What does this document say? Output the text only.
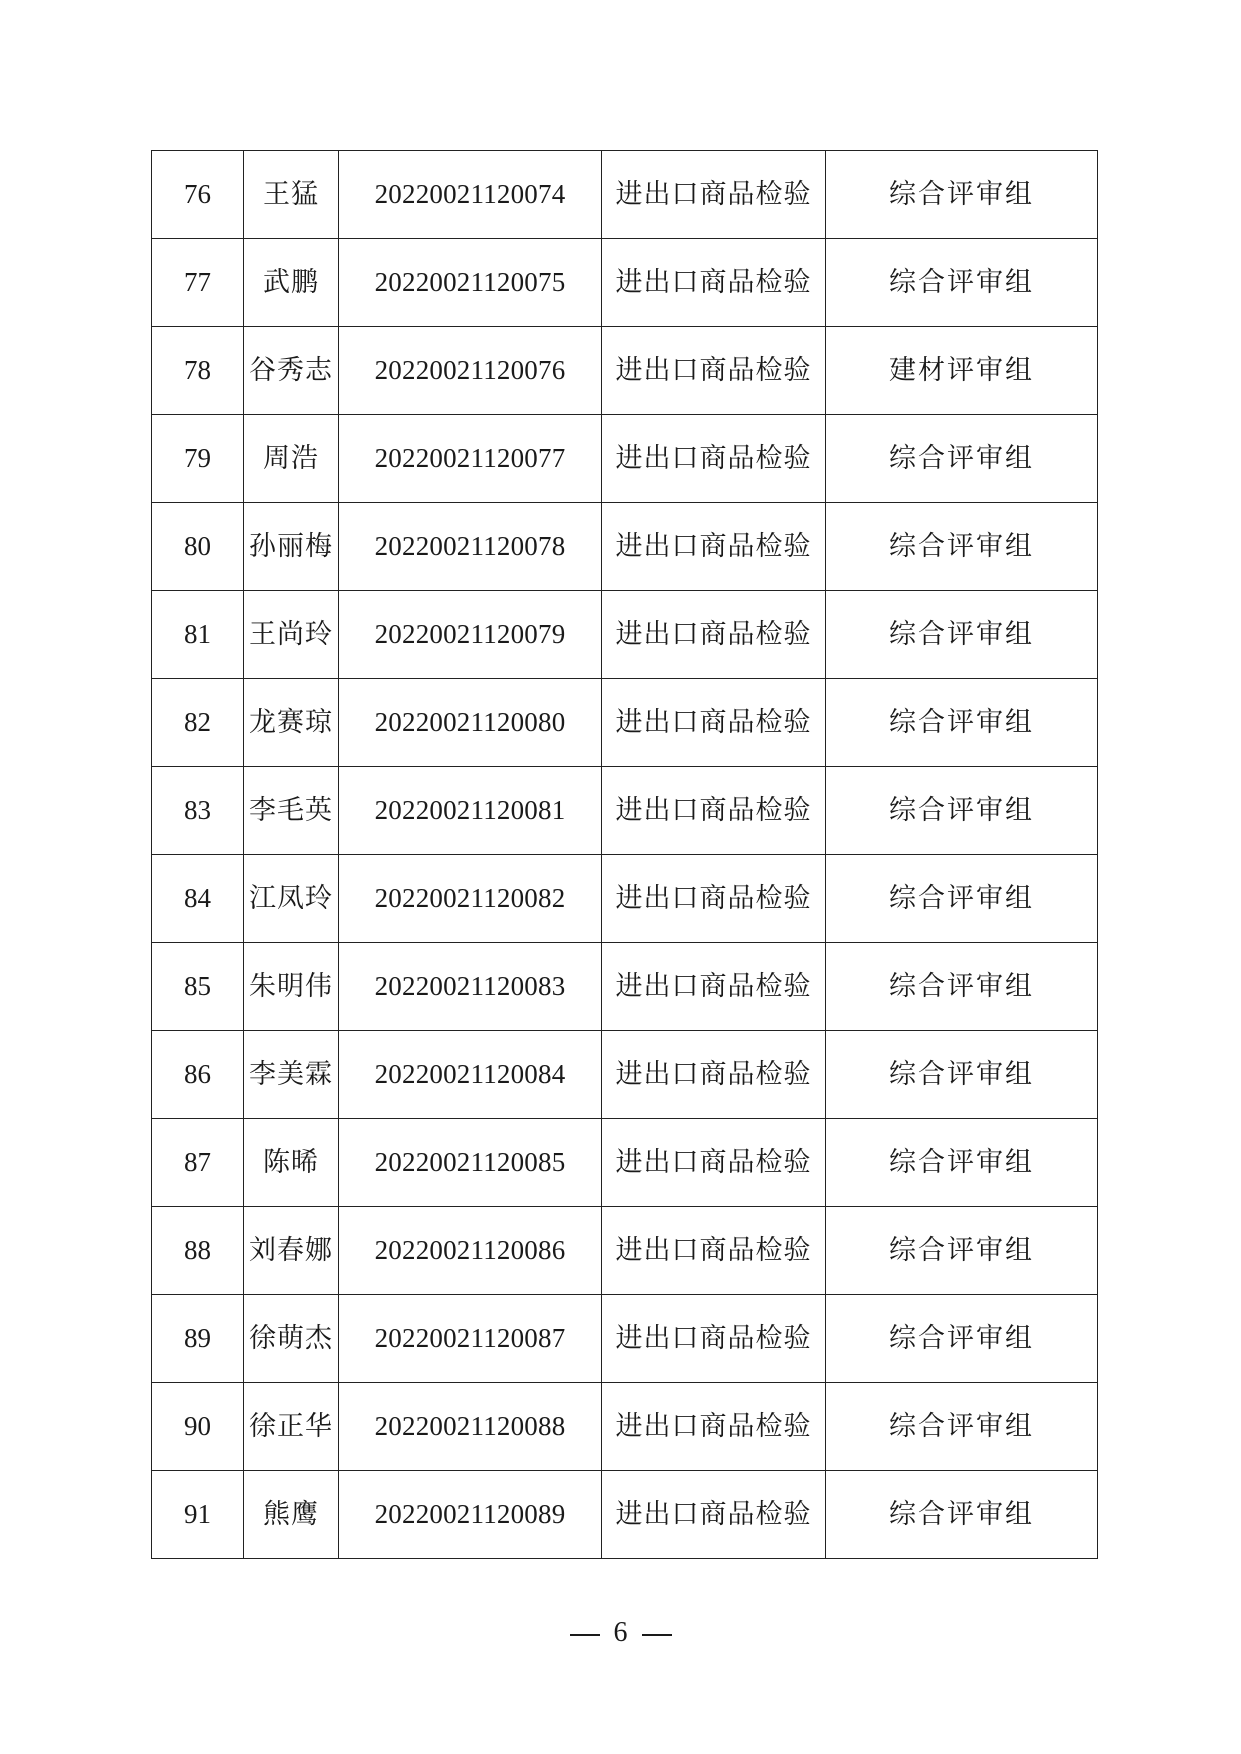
76	王猛	20220021120074	进出口商品检验	综合评审组
77	武鹏	20220021120075	进出口商品检验	综合评审组
78	谷秀志	20220021120076	进出口商品检验	建材评审组
79	周浩	20220021120077	进出口商品检验	综合评审组
80	孙丽梅	20220021120078	进出口商品检验	综合评审组
81	王尚玲	20220021120079	进出口商品检验	综合评审组
82	龙赛琼	20220021120080	进出口商品检验	综合评审组
83	李毛英	20220021120081	进出口商品检验	综合评审组
84	江凤玲	20220021120082	进出口商品检验	综合评审组
85	朱明伟	20220021120083	进出口商品检验	综合评审组
86	李美霖	20220021120084	进出口商品检验	综合评审组
87	陈晞	20220021120085	进出口商品检验	综合评审组
88	刘春娜	20220021120086	进出口商品检验	综合评审组
89	徐萌杰	20220021120087	进出口商品检验	综合评审组
90	徐正华	20220021120088	进出口商品检验	综合评审组
91	熊鹰	20220021120089	进出口商品检验	综合评审组
6
